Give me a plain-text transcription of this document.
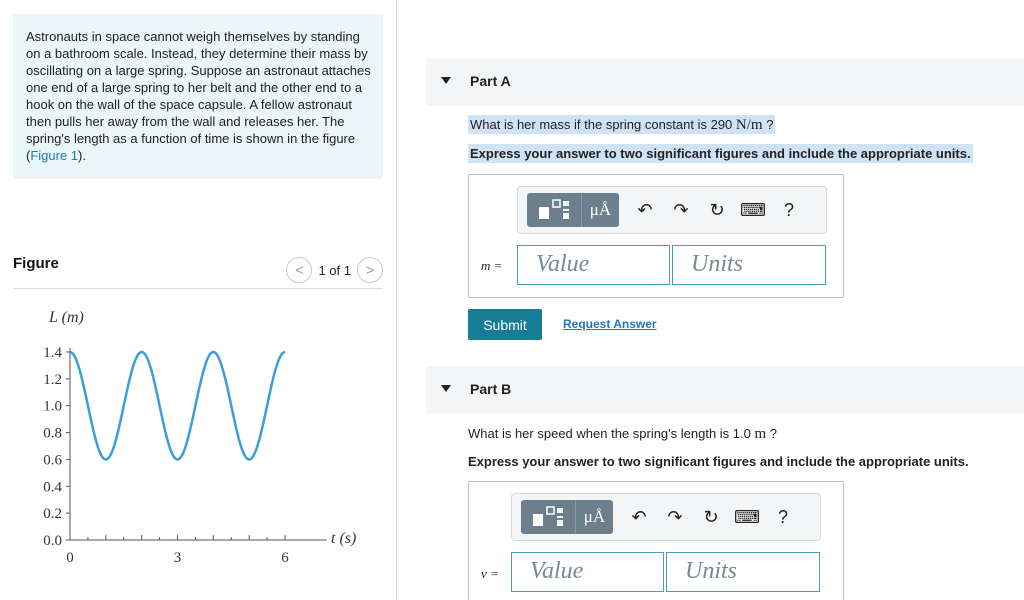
Astronauts in space cannot weigh themselves by standing on a bathroom scale. Instead, they determine their mass by oscillating on a large spring. Suppose an astronaut attaches one end of a large spring to her belt and the other end to a hook on the wall of the space capsule. A fellow astronaut then pulls her away from the wall and releases her. The spring's length as a function of time is shown in the figure (Figure 1).
Figure	< 1 of 1 >
0.0
0.2
0.4
0.6
0.8
1.0
1.2
1.4
0	3	6
L (m)
t (s)
Part A
What is her mass if the spring constant is 290 N/m ?
Express your answer to two significant figures and include the appropriate units.
μÅ	↶	↷	↻ ⌨	?
m =	Value	Units
Submit	Request Answer
Part B
What is her speed when the spring's length is 1.0 m ?
Express your answer to two significant figures and include the appropriate units.
μÅ	↶	↷	↻ ⌨	?
v =	Value	Units
